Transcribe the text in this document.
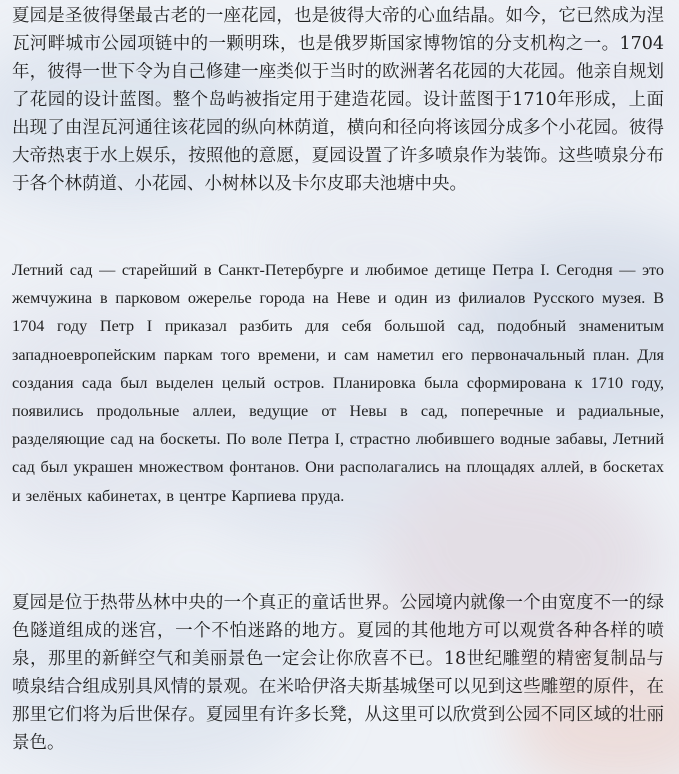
夏园是圣彼得堡最古老的一座花园，也是彼得大帝的心血结晶。如今，它已然成为涅瓦河畔城市公园项链中的一颗明珠，也是俄罗斯国家博物馆的分支机构之一。1704年，彼得一世下令为自己修建一座类似于当时的欧洲著名花园的大花园。他亲自规划了花园的设计蓝图。整个岛屿被指定用于建造花园。设计蓝图于1710年形成，上面出现了由涅瓦河通往该花园的纵向林荫道，横向和径向将该园分成多个小花园。彼得大帝热衷于水上娱乐，按照他的意愿，夏园设置了许多喷泉作为装饰。这些喷泉分布于各个林荫道、小花园、小树林以及卡尔皮耶夫池塘中央。

Летний сад — старейший в Санкт-Петербурге и любимое детище Петра I. Сегодня — это жемчужина в парковом ожерелье города на Неве и один из филиалов Русского музея. В 1704 году Петр I приказал разбить для себя большой сад, подобный знаменитым западноевропейским паркам того времени, и сам наметил его первоначальный план. Для создания сада был выделен целый остров. Планировка была сформирована к 1710 году, появились продольные аллеи, ведущие от Невы в сад, поперечные и радиальные, разделяющие сад на боскеты. По воле Петра I, страстно любившего водные забавы, Летний сад был украшен множеством фонтанов. Они располагались на площадях аллей, в боскетах и зелёных кабинетах, в центре Карпиева пруда.

夏园是位于热带丛林中央的一个真正的童话世界。公园境内就像一个由宽度不一的绿色隧道组成的迷宫，一个不怕迷路的地方。夏园的其他地方可以观赏各种各样的喷泉，那里的新鲜空气和美丽景色一定会让你欣喜不已。18世纪雕塑的精密复制品与喷泉结合组成别具风情的景观。在米哈伊洛夫斯基城堡可以见到这些雕塑的原件，在那里它们将为后世保存。夏园里有许多长凳，从这里可以欣赏到公园不同区域的壮丽景色。
